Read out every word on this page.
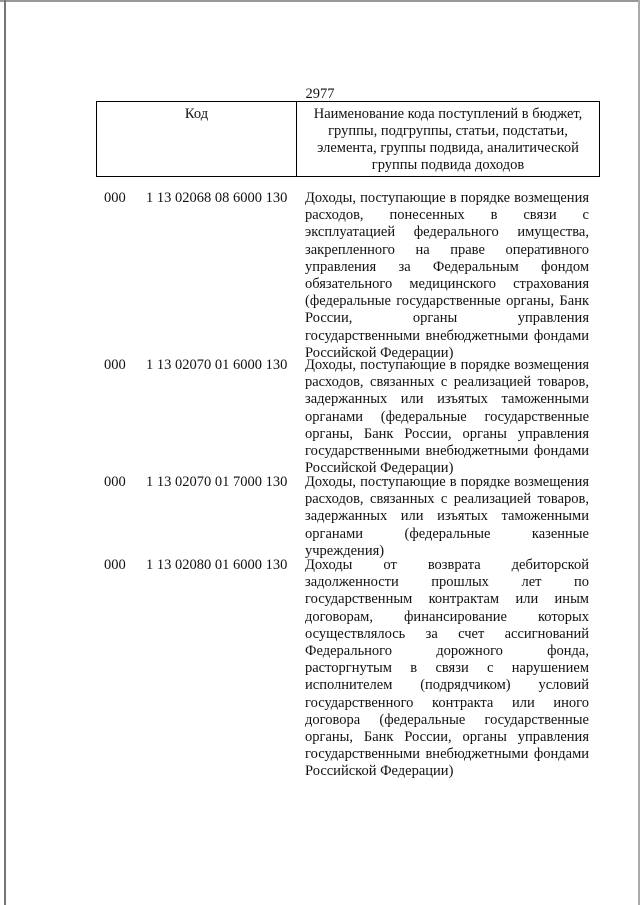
2977
Код	Наименование кода поступлений в бюджет, группы, подгруппы, статьи, подстатьи, элемента, группы подвида, аналитической группы подвида доходов
000 1 13 02068 08 6000 130 Доходы, поступающие в порядке возмещения расходов, понесенных в связи с эксплуатацией федерального имущества, закрепленного на праве оперативного управления за Федеральным фондом обязательного медицинского страхования (федеральные государственные органы, Банк России, органы управления государственными внебюджетными фондами Российской Федерации)
000 1 13 02070 01 6000 130 Доходы, поступающие в порядке возмещения расходов, связанных с реализацией товаров, задержанных или изъятых таможенными органами (федеральные государственные органы, Банк России, органы управления государственными внебюджетными фондами Российской Федерации)
000 1 13 02070 01 7000 130 Доходы, поступающие в порядке возмещения расходов, связанных с реализацией товаров, задержанных или изъятых таможенными органами (федеральные казенные учреждения)
000 1 13 02080 01 6000 130 Доходы от возврата дебиторской задолженности прошлых лет по государственным контрактам или иным договорам, финансирование которых осуществлялось за счет ассигнований Федерального дорожного фонда, расторгнутым в связи с нарушением исполнителем (подрядчиком) условий государственного контракта или иного договора (федеральные государственные органы, Банк России, органы управления государственными внебюджетными фондами Российской Федерации)
